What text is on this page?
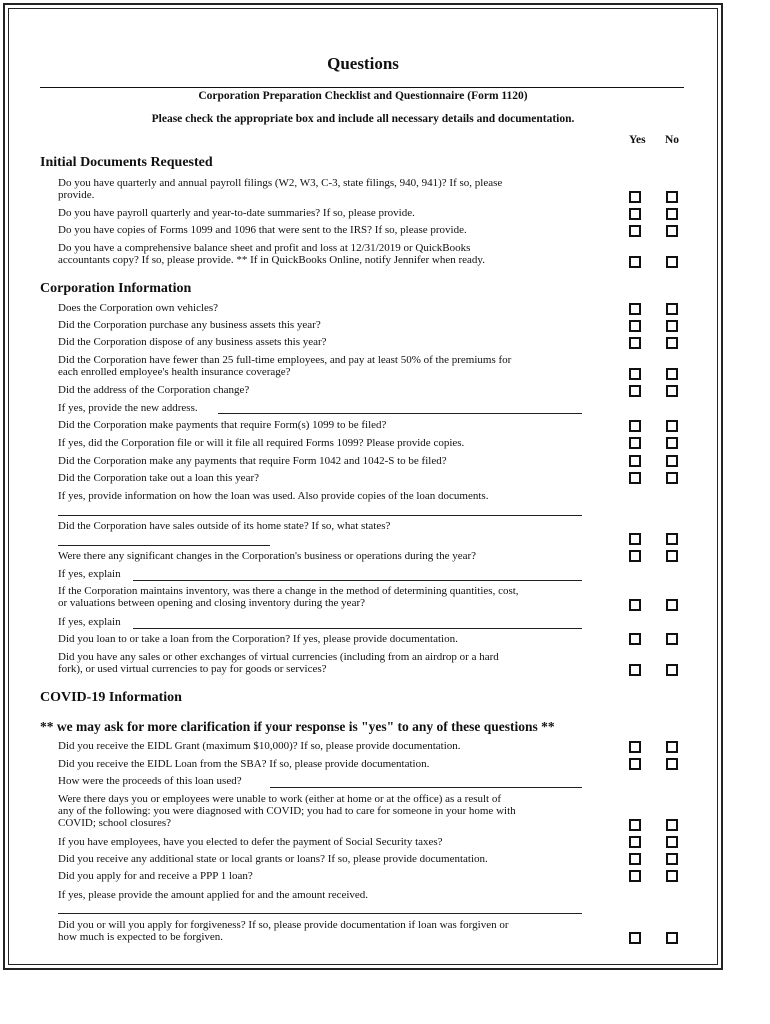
Questions
Corporation Preparation Checklist and Questionnaire (Form 1120)
Please check the appropriate box and include all necessary details and documentation.
Yes No
Initial Documents Requested
Do you have quarterly and annual payroll filings (W2, W3, C-3, state filings, 940, 941)? If so, please
provide.
Do you have payroll quarterly and year-to-date summaries? If so, please provide.
Do you have copies of Forms 1099 and 1096 that were sent to the IRS? If so, please provide.
Do you have a comprehensive balance sheet and profit and loss at 12/31/2019 or QuickBooks
accountants copy? If so, please provide. ** If in QuickBooks Online, notify Jennifer when ready.
Corporation Information
Does the Corporation own vehicles?
Did the Corporation purchase any business assets this year?
Did the Corporation dispose of any business assets this year?
Did the Corporation have fewer than 25 full-time employees, and pay at least 50% of the premiums for
each enrolled employee's health insurance coverage?
Did the address of the Corporation change?
If yes, provide the new address.
Did the Corporation make payments that require Form(s) 1099 to be filed?
If yes, did the Corporation file or will it file all required Forms 1099? Please provide copies.
Did the Corporation make any payments that require Form 1042 and 1042-S to be filed?
Did the Corporation take out a loan this year?
If yes, provide information on how the loan was used. Also provide copies of the loan documents.
Did the Corporation have sales outside of its home state? If so, what states?
Were there any significant changes in the Corporation's business or operations during the year?
If yes, explain
If the Corporation maintains inventory, was there a change in the method of determining quantities, cost,
or valuations between opening and closing inventory during the year?
If yes, explain
Did you loan to or take a loan from the Corporation? If yes, please provide documentation.
Did you have any sales or other exchanges of virtual currencies (including from an airdrop or a hard
fork), or used virtual currencies to pay for goods or services?
COVID-19 Information
** we may ask for more clarification if your response is "yes" to any of these questions **
Did you receive the EIDL Grant (maximum $10,000)? If so, please provide documentation.
Did you receive the EIDL Loan from the SBA? If so, please provide documentation.
How were the proceeds of this loan used?
Were there days you or employees were unable to work (either at home or at the office) as a result of
any of the following: you were diagnosed with COVID; you had to care for someone in your home with
COVID; school closures?
If you have employees, have you elected to defer the payment of Social Security taxes?
Did you receive any additional state or local grants or loans? If so, please provide documentation.
Did you apply for and receive a PPP 1 loan?
If yes, please provide the amount applied for and the amount received.
Did you or will you apply for forgiveness? If so, please provide documentation if loan was forgiven or
how much is expected to be forgiven.
